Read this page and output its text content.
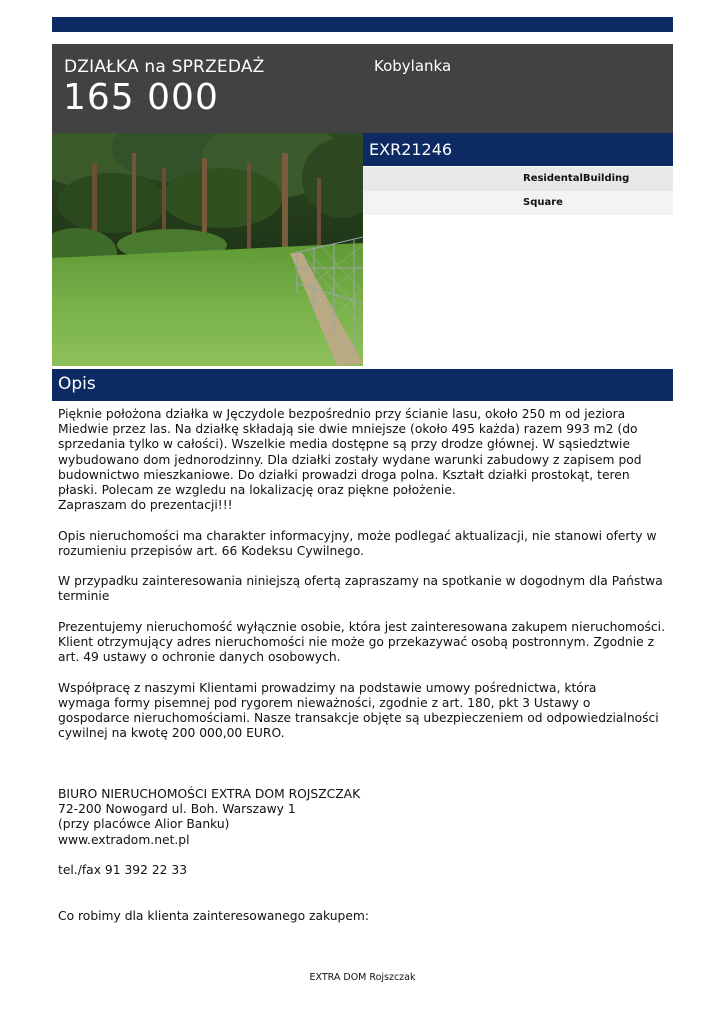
DZIAŁKA na SPRZEDAŻ
165 000
Kobylanka
EXR21246
ResidentalBuilding
Square
Opis

Pięknie położona działka w Jęczydole bezpośrednio przy ścianie lasu, około 250 m od jeziora
Miedwie przez las. Na działkę składają sie dwie mniejsze (około 495 każda) razem 993 m2 (do
sprzedania tylko w całości). Wszelkie media dostępne są przy drodze głównej. W sąsiedztwie
wybudowano dom jednorodzinny. Dla działki zostały wydane warunki zabudowy z zapisem pod
budownictwo mieszkaniowe. Do działki prowadzi droga polna. Kształt działki prostokąt, teren
płaski. Polecam ze wzgledu na lokalizację oraz piękne położenie.
Zapraszam do prezentacji!!!

Opis nieruchomości ma charakter informacyjny, może podlegać aktualizacji, nie stanowi oferty w
rozumieniu przepisów art. 66 Kodeksu Cywilnego.

W przypadku zainteresowania niniejszą ofertą zapraszamy na spotkanie w dogodnym dla Państwa
terminie

Prezentujemy nieruchomość wyłącznie osobie, która jest zainteresowana zakupem nieruchomości.
Klient otrzymujący adres nieruchomości nie może go przekazywać osobą postronnym. Zgodnie z
art. 49 ustawy o ochronie danych osobowych.

Współpracę z naszymi Klientami prowadzimy na podstawie umowy pośrednictwa, która
wymaga formy pisemnej pod rygorem nieważności, zgodnie z art. 180, pkt 3 Ustawy o
gospodarce nieruchomościami. Nasze transakcje objęte są ubezpieczeniem od odpowiedzialności
cywilnej na kwotę 200 000,00 EURO.

BIURO NIERUCHOMOŚCI EXTRA DOM ROJSZCZAK
72-200 Nowogard ul. Boh. Warszawy 1
(przy placówce Alior Banku)
www.extradom.net.pl

tel./fax 91 392 22 33

Co robimy dla klienta zainteresowanego zakupem:

EXTRA DOM Rojszczak
